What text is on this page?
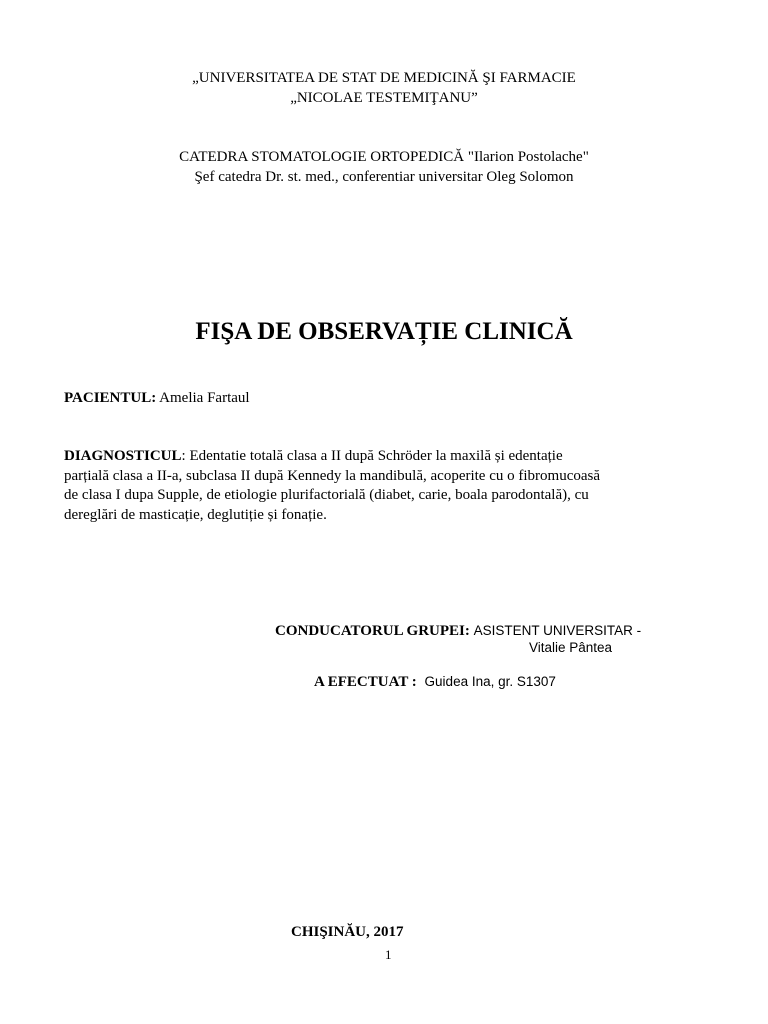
„UNIVERSITATEA DE STAT DE MEDICINĂ ŞI FARMACIE
„NICOLAE TESTEMIŢANU”
CATEDRA STOMATOLOGIE ORTOPEDICĂ "Ilarion Postolache"
Şef catedra Dr. st. med., conferentiar universitar Oleg Solomon
FIŞA DE OBSERVAȚIE CLINICĂ
PACIENTUL: Amelia Fartaul
DIAGNOSTICUL: Edentatie totală clasa a II după Schröder la maxilă și edentație
parțială clasa a II-a, subclasa II după Kennedy la mandibulă, acoperite cu o fibromucoasă
de clasa I dupa Supple, de etiologie plurifactorială (diabet, carie, boala parodontală), cu
dereglări de masticație, deglutiție și fonație.
CONDUCATORUL GRUPEI: ASISTENT UNIVERSITAR -
Vitalie Pântea
A EFECTUAT : Guidea Ina, gr. S1307
CHIŞINĂU, 2017
1
